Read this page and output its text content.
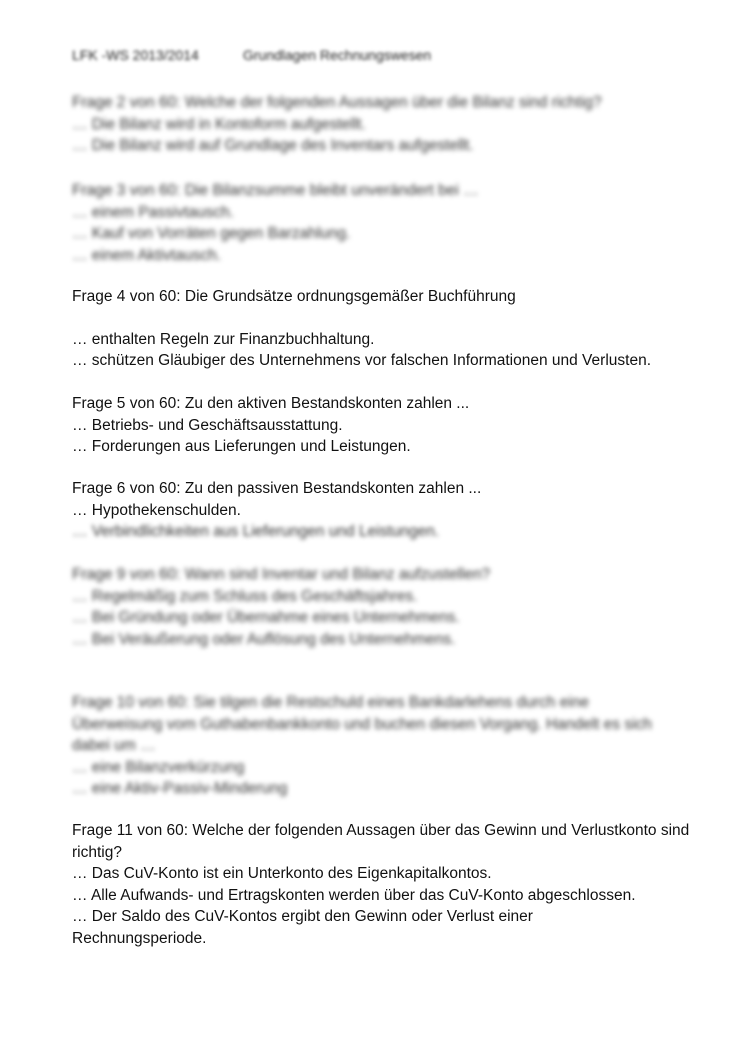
LFK -WS 2013/2014	Grundlagen Rechnungswesen
Frage 2 von 60: Welche der folgenden Aussagen über die Bilanz sind richtig?
… Die Bilanz wird in Kontoform aufgestellt.
… Die Bilanz wird auf Grundlage des Inventars aufgestellt.
Frage 3 von 60: Die Bilanzsumme bleibt unverändert bei …
… einem Passivtausch.
… Kauf von Vorräten gegen Barzahlung.
… einem Aktivtausch.
Frage 4 von 60: Die Grundsätze ordnungsgemäßer Buchführung
… enthalten Regeln zur Finanzbuchhaltung.
… schützen Gläubiger des Unternehmens vor falschen Informationen und Verlusten.
Frage 5 von 60: Zu den aktiven Bestandskonten zahlen ...
… Betriebs- und Geschäftsausstattung.
… Forderungen aus Lieferungen und Leistungen.
Frage 6 von 60: Zu den passiven Bestandskonten zahlen ...
… Hypothekenschulden.
… Verbindlichkeiten aus Lieferungen und Leistungen.
Frage 9 von 60: Wann sind Inventar und Bilanz aufzustellen?
… Regelmäßig zum Schluss des Geschäftsjahres.
… Bei Gründung oder Übernahme eines Unternehmens.
… Bei Veräußerung oder Auflösung des Unternehmens.
Frage 10 von 60: Sie tilgen die Restschuld eines Bankdarlehens durch eine Überweisung vom Guthabenbankkonto und buchen diesen Vorgang. Handelt es sich dabei um …
… eine Bilanzverkürzung
… eine Aktiv-Passiv-Minderung
Frage 11 von 60: Welche der folgenden Aussagen über das Gewinn und Verlustkonto sind richtig?
… Das CuV-Konto ist ein Unterkonto des Eigenkapitalkontos.
… Alle Aufwands- und Ertragskonten werden über das CuV-Konto abgeschlossen.
… Der Saldo des CuV-Kontos ergibt den Gewinn oder Verlust einer Rechnungsperiode.
